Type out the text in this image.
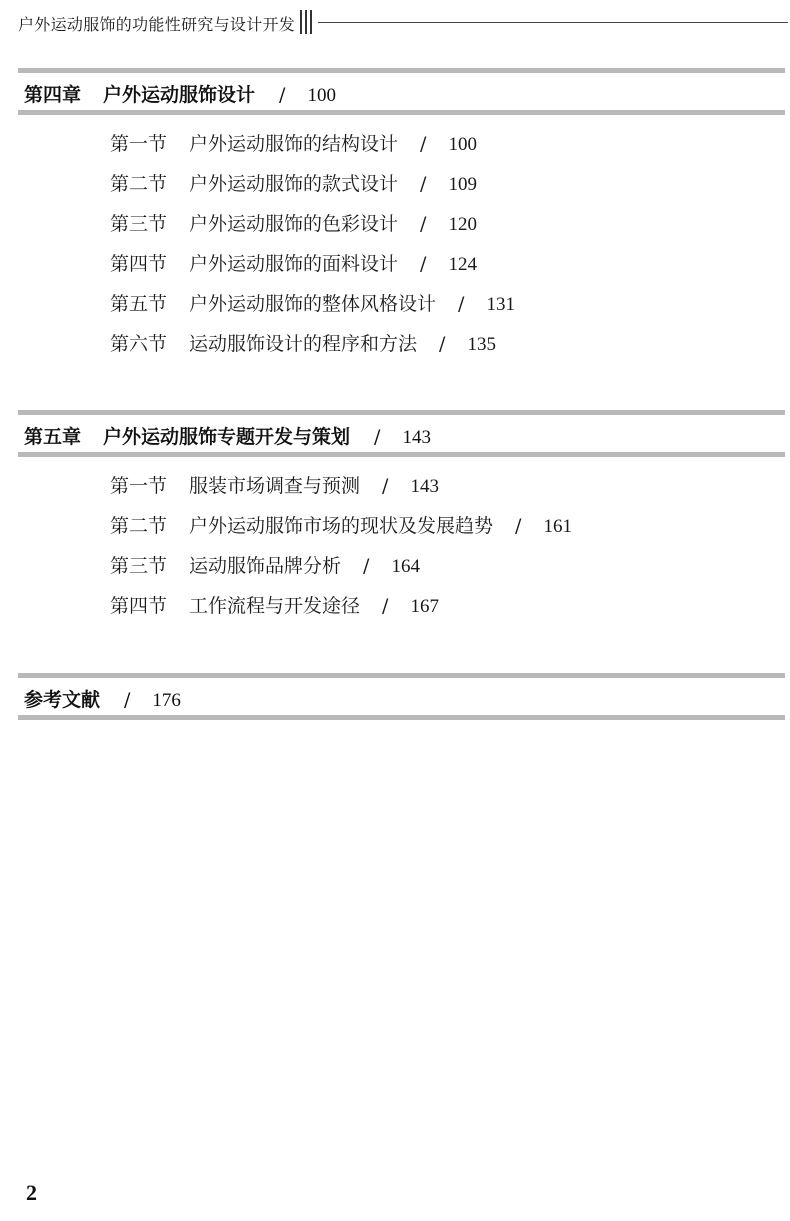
户外运动服饰的功能性研究与设计开发
第四章 户外运动服饰设计 / 100
第一节 户外运动服饰的结构设计 / 100
第二节 户外运动服饰的款式设计 / 109
第三节 户外运动服饰的色彩设计 / 120
第四节 户外运动服饰的面料设计 / 124
第五节 户外运动服饰的整体风格设计 / 131
第六节 运动服饰设计的程序和方法 / 135
第五章 户外运动服饰专题开发与策划 / 143
第一节 服装市场调查与预测 / 143
第二节 户外运动服饰市场的现状及发展趋势 / 161
第三节 运动服饰品牌分析 / 164
第四节 工作流程与开发途径 / 167
参考文献 / 176
2
